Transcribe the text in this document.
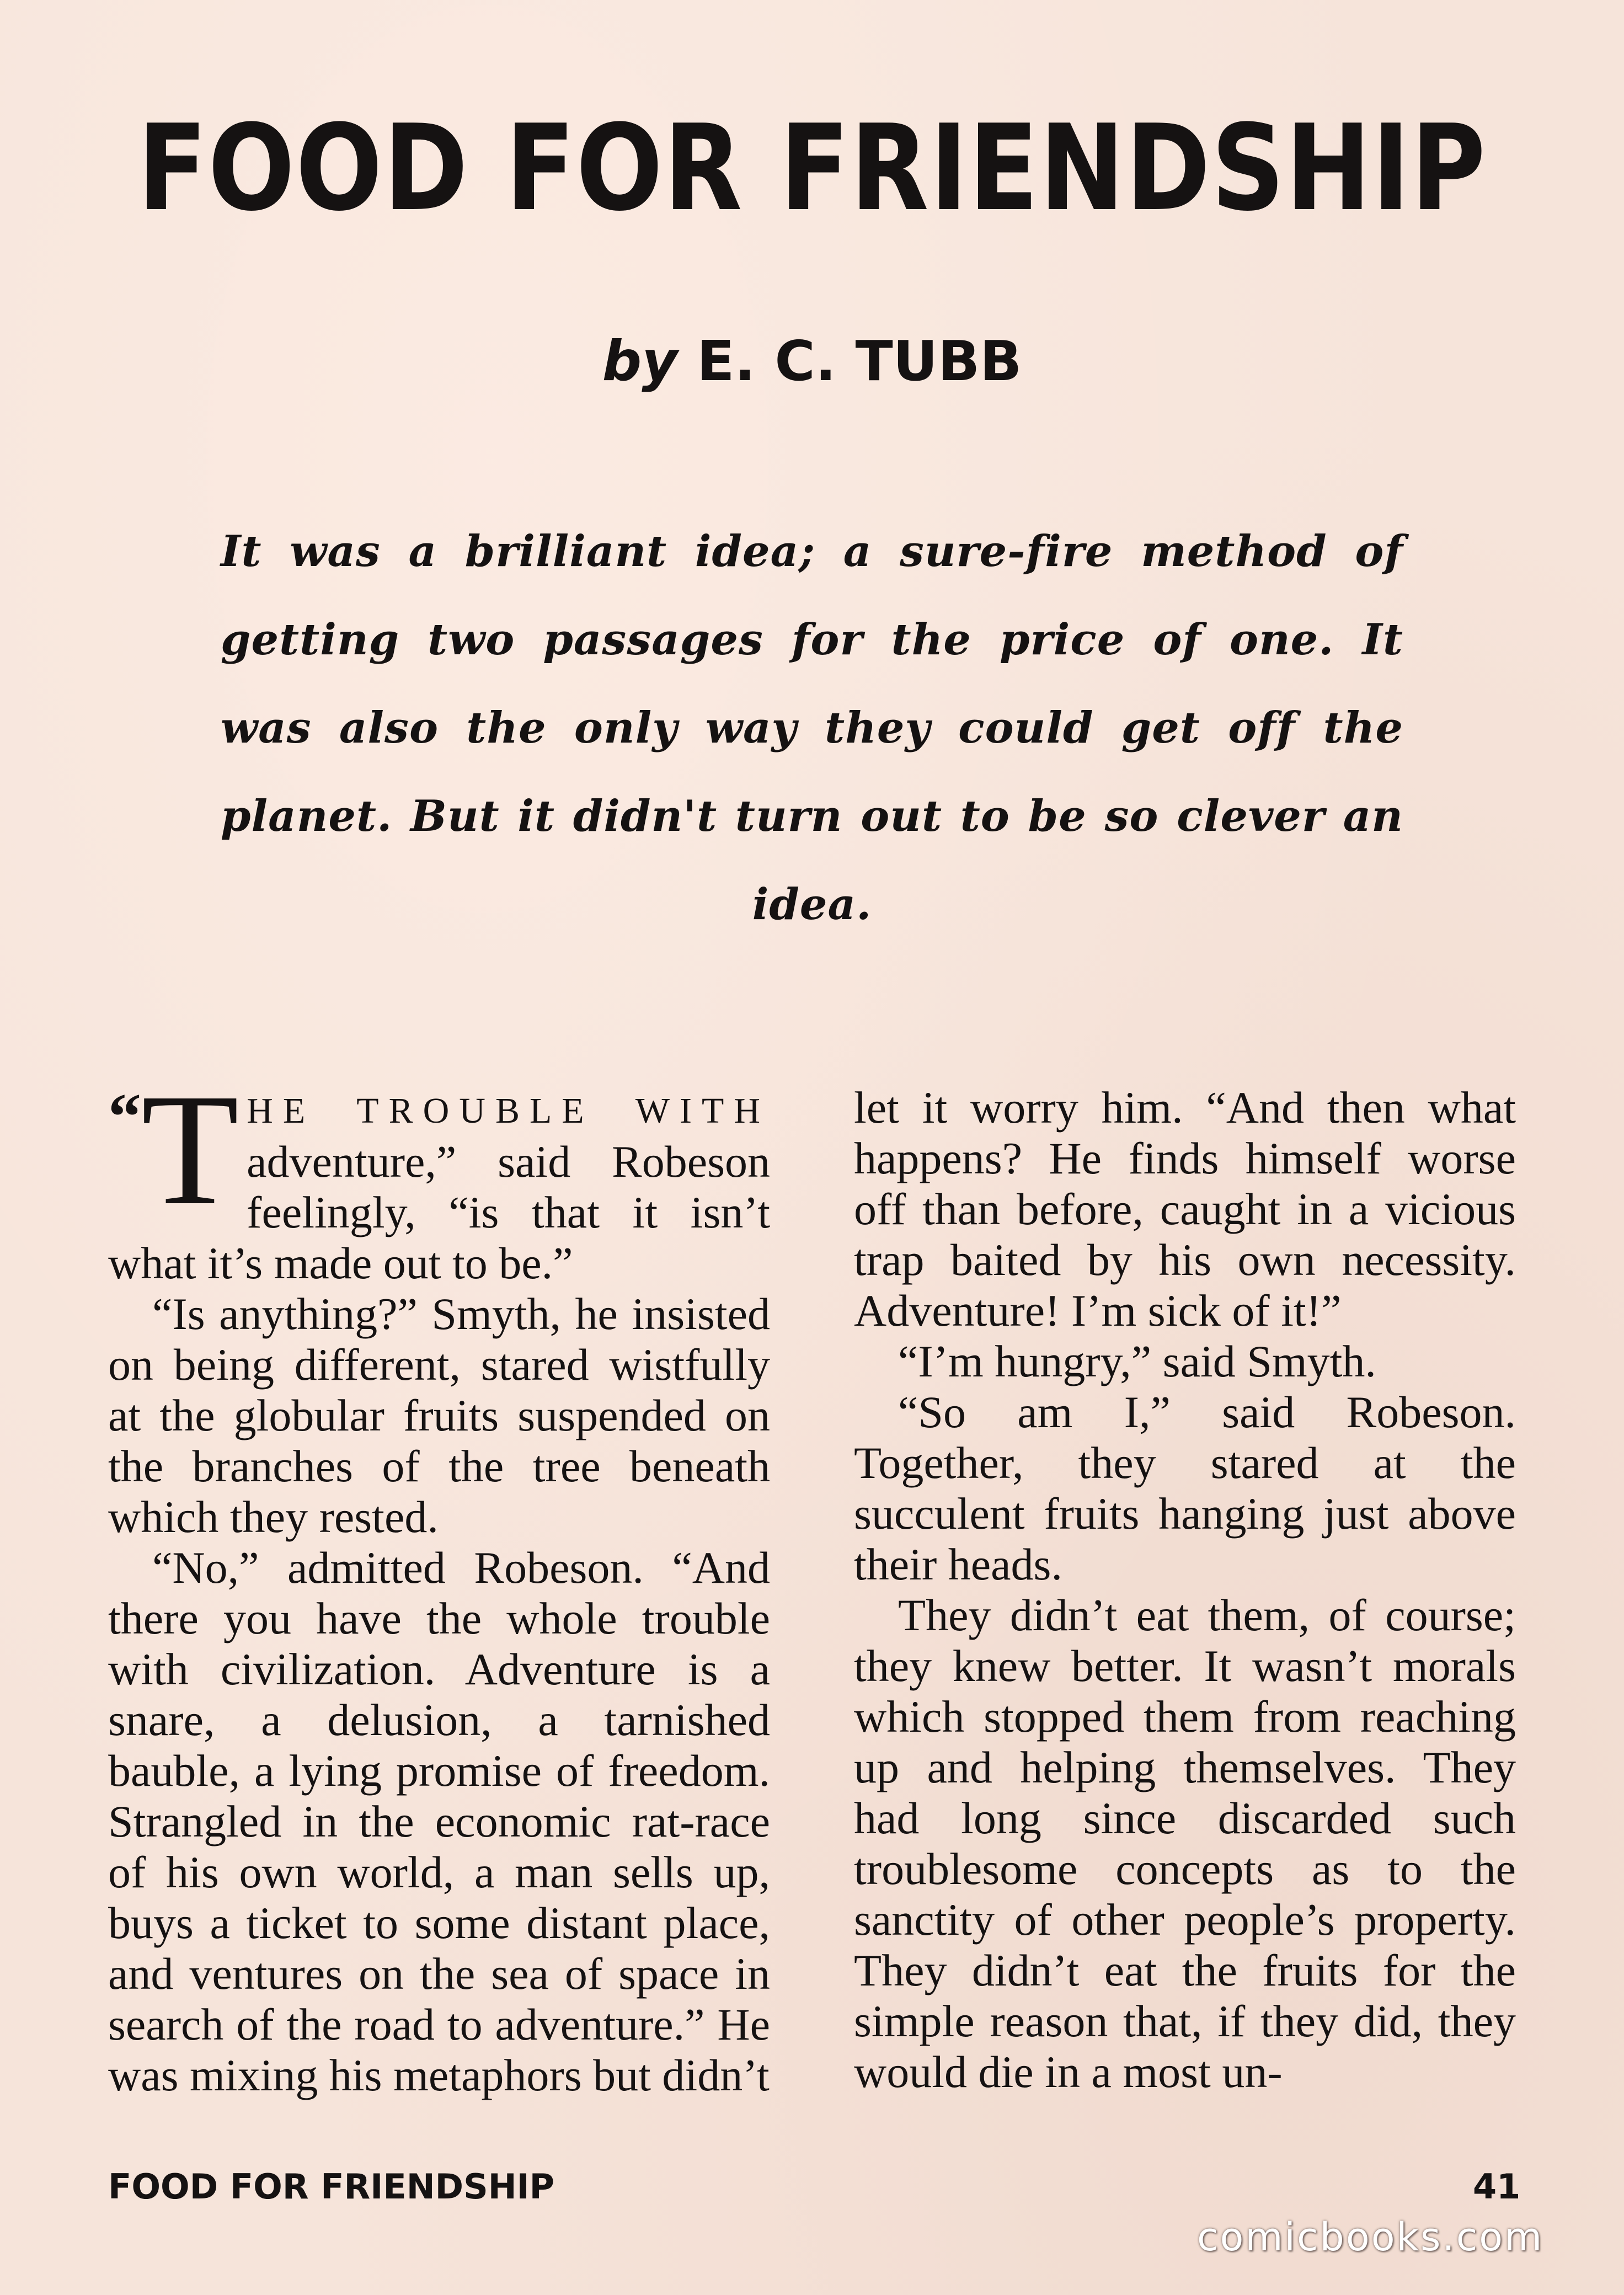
FOOD FOR FRIENDSHIP
by E. C. TUBB
It was a brilliant idea; a sure-fire method of getting two passages for the price of one. It was also the only way they could get off the planet. But it didn't turn out to be so clever an idea.

“T HE TROUBLE WITH adventure,” said Robeson feelingly, “is that it isn’t what it’s made out to be.”

“Is anything?” Smyth, he insisted on being different, stared wistfully at the globular fruits suspended on the branches of the tree beneath which they rested.

“No,” admitted Robeson. “And there you have the whole trouble with civilization. Adventure is a snare, a delusion, a tarnished bauble, a lying promise of freedom. Strangled in the economic rat-race of his own world, a man sells up, buys a ticket to some distant place, and ventures on the sea of space in search of the road to adventure.” He was mixing his metaphors but didn’t

let it worry him. “And then what happens? He finds himself worse off than before, caught in a vicious trap baited by his own necessity. Adventure! I’m sick of it!”

“I’m hungry,” said Smyth.

“So am I,” said Robeson. Together, they stared at the succulent fruits hanging just above their heads.

They didn’t eat them, of course; they knew better. It wasn’t morals which stopped them from reaching up and helping themselves. They had long since discarded such troublesome concepts as to the sanctity of other people’s property. They didn’t eat the fruits for the simple reason that, if they did, they would die in a most un-

FOOD FOR FRIENDSHIP	41
comicbooks.com
